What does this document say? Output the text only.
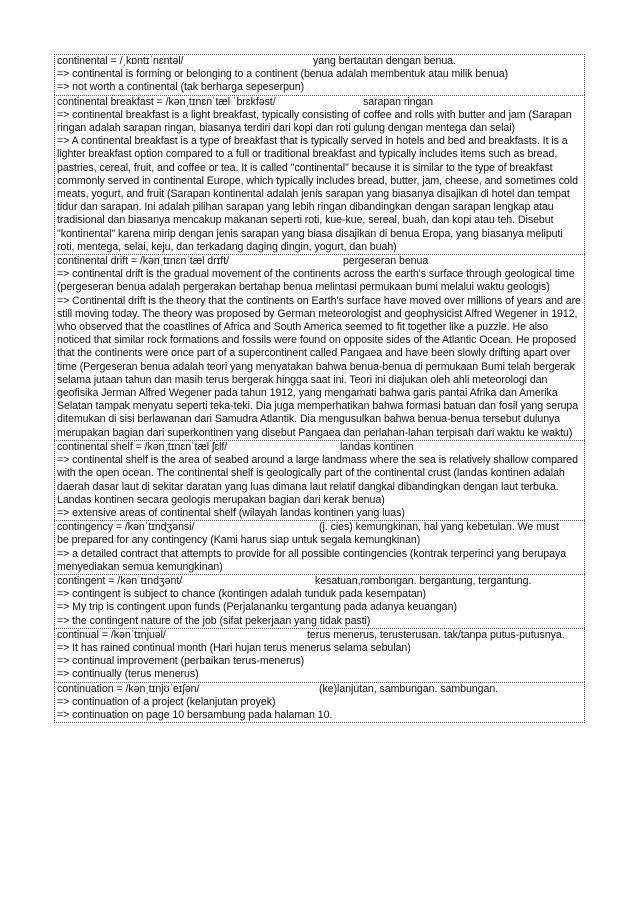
continental = /ˌkɒntɪˈnɛntəl/	yang bertautan dengan benua.
=> continental is forming or belonging to a continent (benua adalah membentuk atau milik benua)
=> not worth a continental (tak berharga sepeserpun)
continental breakfast = /kənˌtɪnɛnˈtæl ˈbrɛkfəst/	sarapan ringan
=> continental breakfast is a light breakfast, typically consisting of coffee and rolls with butter and jam (Sarapan ringan adalah sarapan ringan, biasanya terdiri dari kopi dan roti gulung dengan mentega dan selai)
=> A continental breakfast is a type of breakfast that is typically served in hotels and bed and breakfasts. It is a lighter breakfast option compared to a full or traditional breakfast and typically includes items such as bread, pastries, cereal, fruit, and coffee or tea. It is called "continental" because it is similar to the type of breakfast commonly served in continental Europe, which typically includes bread, butter, jam, cheese, and sometimes cold meats, yogurt, and fruit (Sarapan kontinental adalah jenis sarapan yang biasanya disajikan di hotel dan tempat tidur dan sarapan. Ini adalah pilihan sarapan yang lebih ringan dibandingkan dengan sarapan lengkap atau tradisional dan biasanya mencakup makanan seperti roti, kue-kue, sereal, buah, dan kopi atau teh. Disebut "kontinental" karena mirip dengan jenis sarapan yang biasa disajikan di benua Eropa, yang biasanya meliputi roti, mentega, selai, keju, dan terkadang daging dingin, yogurt, dan buah)
continental drift = /kənˌtɪnɛnˈtæl drɪft/	pergeseran benua
=> continental drift is the gradual movement of the continents across the earth's surface through geological time (pergeseran benua adalah pergerakan bertahap benua melintasi permukaan bumi melalui waktu geologis)
=> Continental drift is the theory that the continents on Earth's surface have moved over millions of years and are still moving today. The theory was proposed by German meteorologist and geophysicist Alfred Wegener in 1912, who observed that the coastlines of Africa and South America seemed to fit together like a puzzle. He also noticed that similar rock formations and fossils were found on opposite sides of the Atlantic Ocean. He proposed that the continents were once part of a supercontinent called Pangaea and have been slowly drifting apart over time (Pergeseran benua adalah teori yang menyatakan bahwa benua-benua di permukaan Bumi telah bergerak selama jutaan tahun dan masih terus bergerak hingga saat ini. Teori ini diajukan oleh ahli meteorologi dan geofisika Jerman Alfred Wegener pada tahun 1912, yang mengamati bahwa garis pantai Afrika dan Amerika Selatan tampak menyatu seperti teka-teki. Dia juga memperhatikan bahwa formasi batuan dan fosil yang serupa ditemukan di sisi berlawanan dari Samudra Atlantik. Dia mengusulkan bahwa benua-benua tersebut dulunya merupakan bagian dari superkontinen yang disebut Pangaea dan perlahan-lahan terpisah dari waktu ke waktu)
continental shelf = /kənˌtɪnɛnˈtæl ʃɛlf/	landas kontinen
=> continental shelf is the area of seabed around a large landmass where the sea is relatively shallow compared with the open ocean. The continental shelf is geologically part of the continental crust (landas kontinen adalah daerah dasar laut di sekitar daratan yang luas dimana laut relatif dangkal dibandingkan dengan laut terbuka. Landas kontinen secara geologis merupakan bagian dari kerak benua)
=> extensive areas of continental shelf (wilayah landas kontinen yang luas)
contingency = /kənˈtɪndʒənsi/	(j. cies) kemungkinan, hal yang kebetulan. We must
be prepared for any contingency (Kami harus siap untuk segala kemungkinan)
=> a detailed contract that attempts to provide for all possible contingencies (kontrak terperinci yang berupaya menyediakan semua kemungkinan)
contingent = /kənˈtɪndʒənt/	kesatuan,rombongan. bergantung, tergantung.
=> contingent is subject to chance (kontingen adalah tunduk pada kesempatan)
=> My trip is contingent upon funds (Perjalananku tergantung pada adanya keuangan)
=> the contingent nature of the job (sifat pekerjaan yang tidak pasti)
continual = /kənˈtɪnjuəl/	terus menerus, terusterusan. tak/tanpa putus-putusnya.
=> It has rained continual month (Hari hujan terus menerus selama sebulan)
=> continual improvement (perbaikan terus-menerus)
=> continually (terus menerus)
continuation = /kənˌtɪnjʊˈeɪʃən/	(ke)lanjutan, sambungan. sambungan.
=> continuation of a project (kelanjutan proyek)
=> continuation on page 10 bersambung pada halaman 10.
